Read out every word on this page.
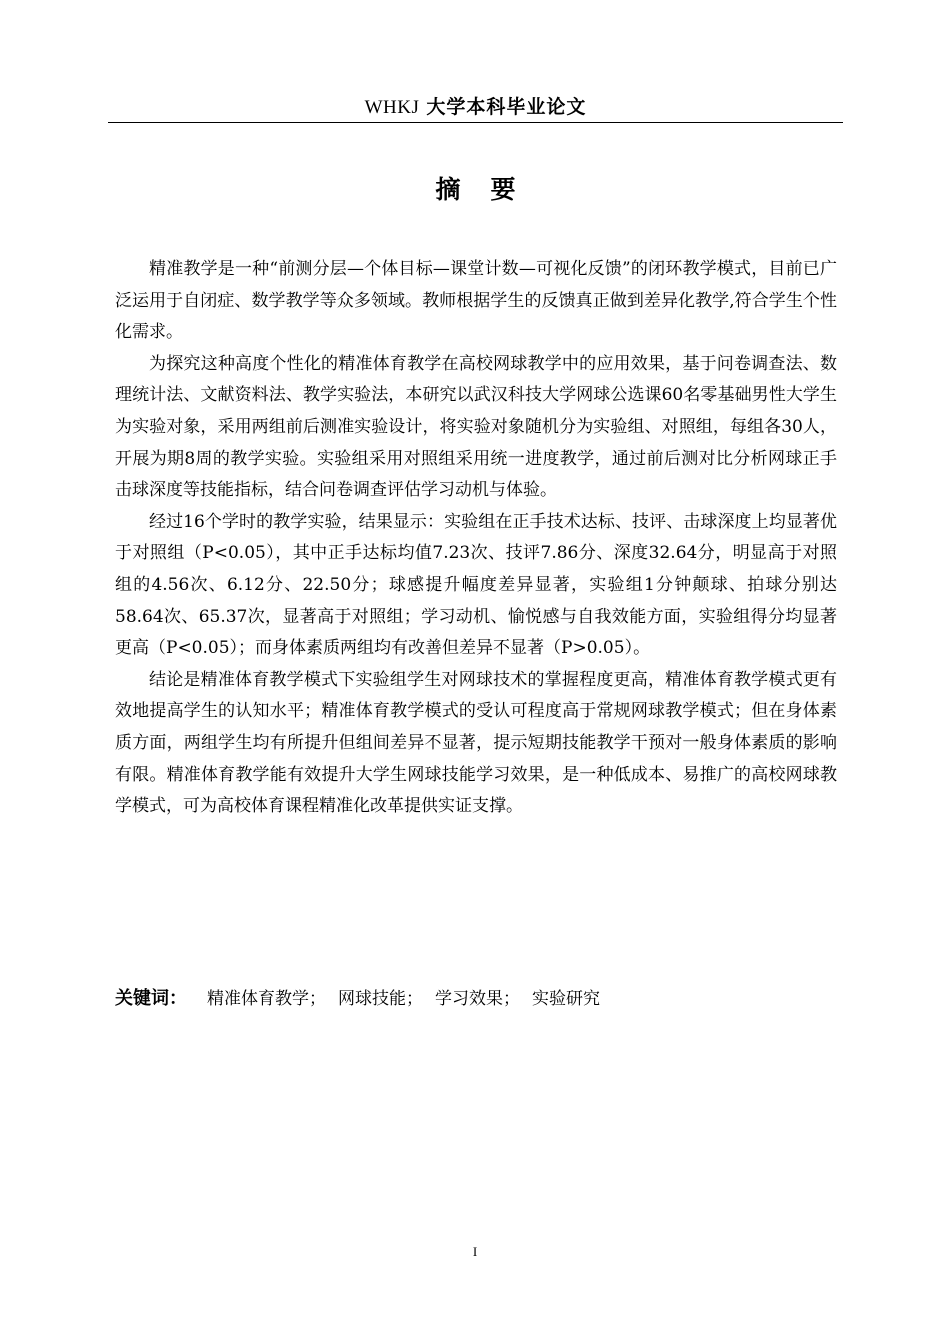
WHKJ 大学本科毕业论文
摘 要

精准教学是一种“前测分层—个体目标—课堂计数—可视化反馈”的闭环教学模式，目前已广泛运用于自闭症、数学教学等众多领域。教师根据学生的反馈真正做到差异化教学,符合学生个性化需求。

为探究这种高度个性化的精准体育教学在高校网球教学中的应用效果，基于问卷调查法、数理统计法、文献资料法、教学实验法，本研究以武汉科技大学网球公选课60名零基础男性大学生为实验对象，采用两组前后测准实验设计，将实验对象随机分为实验组、对照组，每组各30人，开展为期8周的教学实验。实验组采用对照组采用统一进度教学，通过前后测对比分析网球正手击球深度等技能指标，结合问卷调查评估学习动机与体验。

经过16个学时的教学实验，结果显示：实验组在正手技术达标、技评、击球深度上均显著优于对照组（P<0.05），其中正手达标均值7.23次、技评7.86分、深度32.64分，明显高于对照组的4.56次、6.12分、22.50分；球感提升幅度差异显著，实验组1分钟颠球、拍球分别达58.64次、65.37次，显著高于对照组；学习动机、愉悦感与自我效能方面，实验组得分均显著更高（P<0.05）；而身体素质两组均有改善但差异不显著（P>0.05）。

结论是精准体育教学模式下实验组学生对网球技术的掌握程度更高，精准体育教学模式更有效地提高学生的认知水平；精准体育教学模式的受认可程度高于常规网球教学模式；但在身体素质方面，两组学生均有所提升但组间差异不显著，提示短期技能教学干预对一般身体素质的影响有限。精准体育教学能有效提升大学生网球技能学习效果，是一种低成本、易推广的高校网球教学模式，可为高校体育课程精准化改革提供实证支撑。

关键词： 精准体育教学； 网球技能； 学习效果； 实验研究
I
